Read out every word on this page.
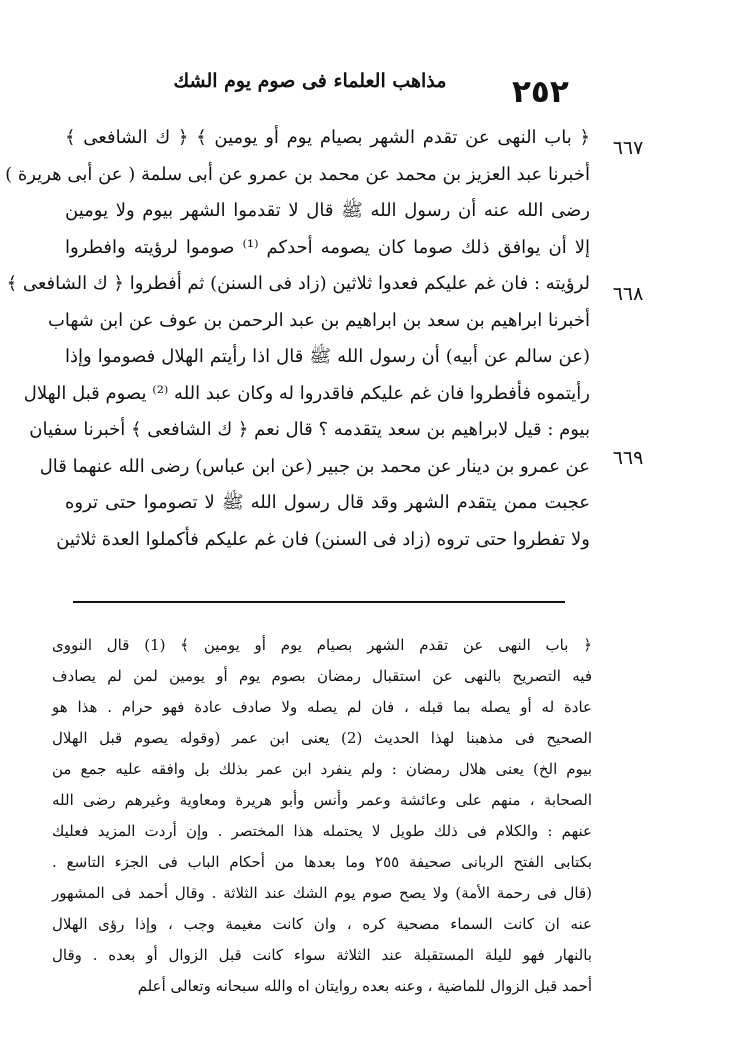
٢٥٢
مذاهب العلماء فى صوم يوم الشك
٦٦٧
٦٦٨
٦٦٩
﴿ باب النهى عن تقدم الشهر بصيام يوم أو يومين ﴾ ﴿ ك الشافعى ﴾
أخبرنا عبد العزيز بن محمد عن محمد بن عمرو عن أبى سلمة ( عن أبى هريرة )
رضى الله عنه أن رسول الله ﷺ قال لا تقدموا الشهر بيوم ولا يومين
إلا أن يوافق ذلك صوما كان يصومه أحدكم ⁽¹⁾ صوموا لرؤيته وافطروا
لرؤيته : فان غم عليكم فعدوا ثلاثين (زاد فى السنن) ثم أفطروا ﴿ ك الشافعى ﴾
أخبرنا ابراهيم بن سعد بن ابراهيم بن عبد الرحمن بن عوف عن ابن شهاب
(عن سالم عن أبيه) أن رسول الله ﷺ قال اذا رأيتم الهلال فصوموا وإذا
رأيتموه فأفطروا فان غم عليكم فاقدروا له وكان عبد الله ⁽²⁾ يصوم قبل الهلال
بيوم : قيل لابراهيم بن سعد يتقدمه ؟ قال نعم ﴿ ك الشافعى ﴾ أخبرنا سفيان
عن عمرو بن دينار عن محمد بن جبير (عن ابن عباس) رضى الله عنهما قال
عجبت ممن يتقدم الشهر وقد قال رسول الله ﷺ لا تصوموا حتى تروه
ولا تفطروا حتى تروه (زاد فى السنن) فان غم عليكم فأكملوا العدة ثلاثين
﴿ باب النهى عن تقدم الشهر بصيام يوم أو يومين ﴾ (1) قال النووى
فيه التصريح بالنهى عن استقبال رمضان بصوم يوم أو يومين لمن لم يصادف
عادة له أو يصله بما قبله ، فان لم يصله ولا صادف عادة فهو حرام . هذا هو
الصحيح فى مذهبنا لهذا الحديث (2) يعنى ابن عمر (وقوله يصوم قبل الهلال
بيوم الخ) يعنى هلال رمضان : ولم ينفرد ابن عمر بذلك بل وافقه عليه جمع من
الصحابة ، منهم على وعائشة وعمر وأنس وأبو هريرة ومعاوية وغيرهم رضى الله
عنهم : والكلام فى ذلك طويل لا يحتمله هذا المختصر . وإن أردت المزيد فعليك
بكتابى الفتح الربانى صحيفة ٢٥٥ وما بعدها من أحكام الباب فى الجزء التاسع .
(قال فى رحمة الأمة) ولا يصح صوم يوم الشك عند الثلاثة . وقال أحمد فى المشهور
عنه ان كانت السماء مصحية كره ، وان كانت مغيمة وجب ، وإذا رؤى الهلال
بالنهار فهو لليلة المستقبلة عند الثلاثة سواء كانت قبل الزوال أو بعده . وقال
أحمد قبل الزوال للماضية ، وعنه بعده روايتان اه والله سبحانه وتعالى أعلم
